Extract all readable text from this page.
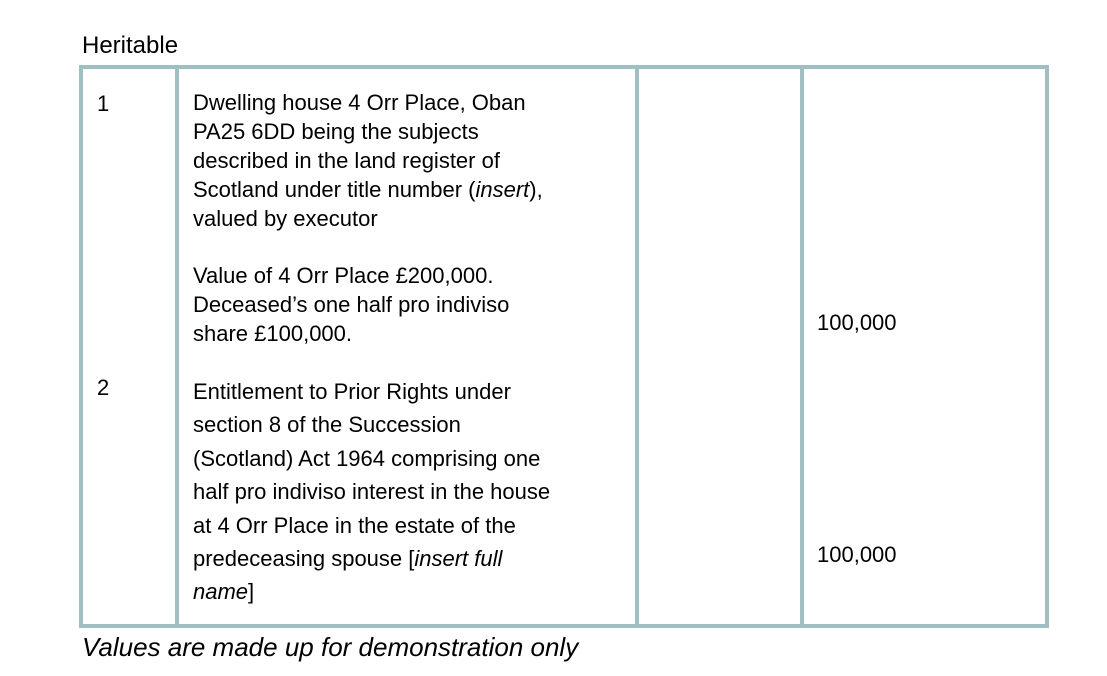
Heritable
1
2
Dwelling house 4 Orr Place, Oban
PA25 6DD being the subjects
described in the land register of
Scotland under title number (insert),
valued by executor
Value of 4 Orr Place £200,000.
Deceased’s one half pro indiviso
share £100,000.
Entitlement to Prior Rights under
section 8 of the Succession
(Scotland) Act 1964 comprising one
half pro indiviso interest in the house
at 4 Orr Place in the estate of the
predeceasing spouse [insert full
name]
100,000
100,000
Values are made up for demonstration only
